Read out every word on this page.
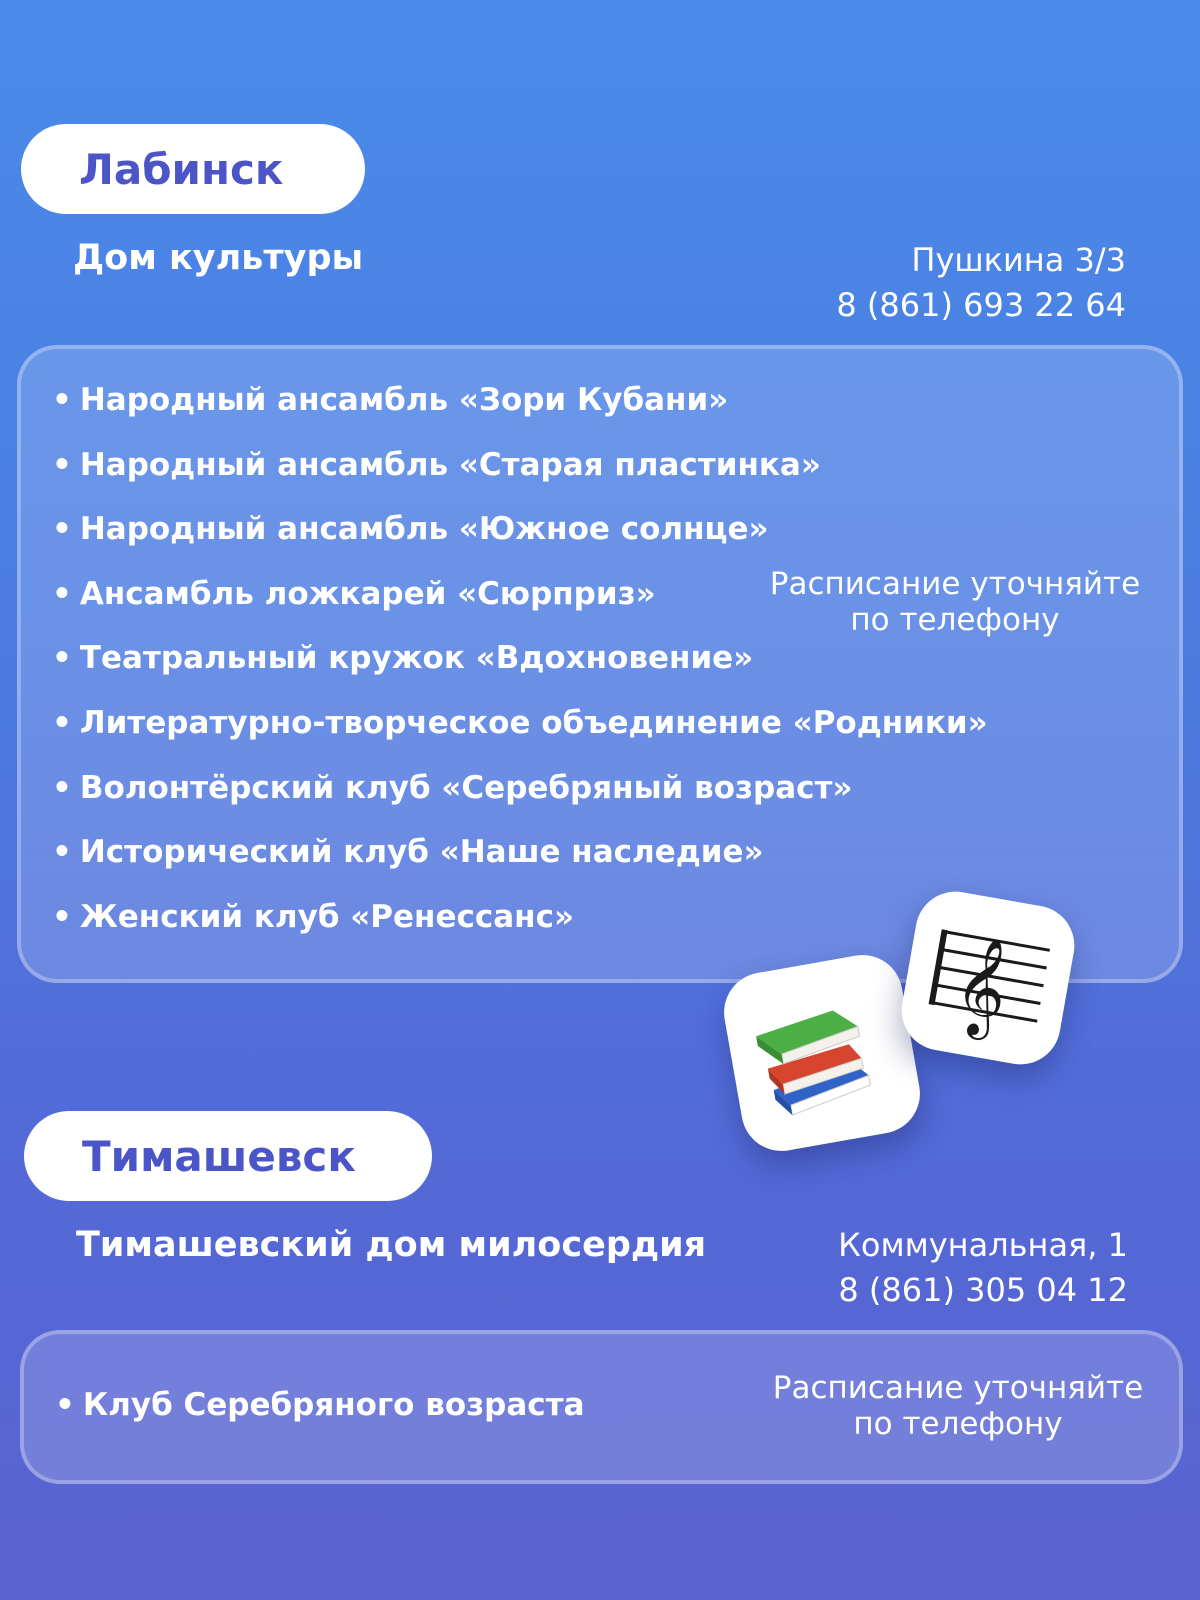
Лабинск
Дом культуры	Пушкина 3/3
8 (861) 693 22 64
• Народный ансамбль «Зори Кубани»
• Народный ансамбль «Старая пластинка»
• Народный ансамбль «Южное солнце»
• Ансамбль ложкарей «Сюрприз»
• Театральный кружок «Вдохновение»
• Литературно-творческое объединение «Родники»
• Волонтёрский клуб «Серебряный возраст»
• Исторический клуб «Наше наследие»
• Женский клуб «Ренессанс»
Расписание уточняйте
по телефону
𝄞
Тимашевск
Тимашевский дом милосердия	Коммунальная, 1
8 (861) 305 04 12
• Клуб Серебряного возраста	Расписание уточняйте
по телефону
